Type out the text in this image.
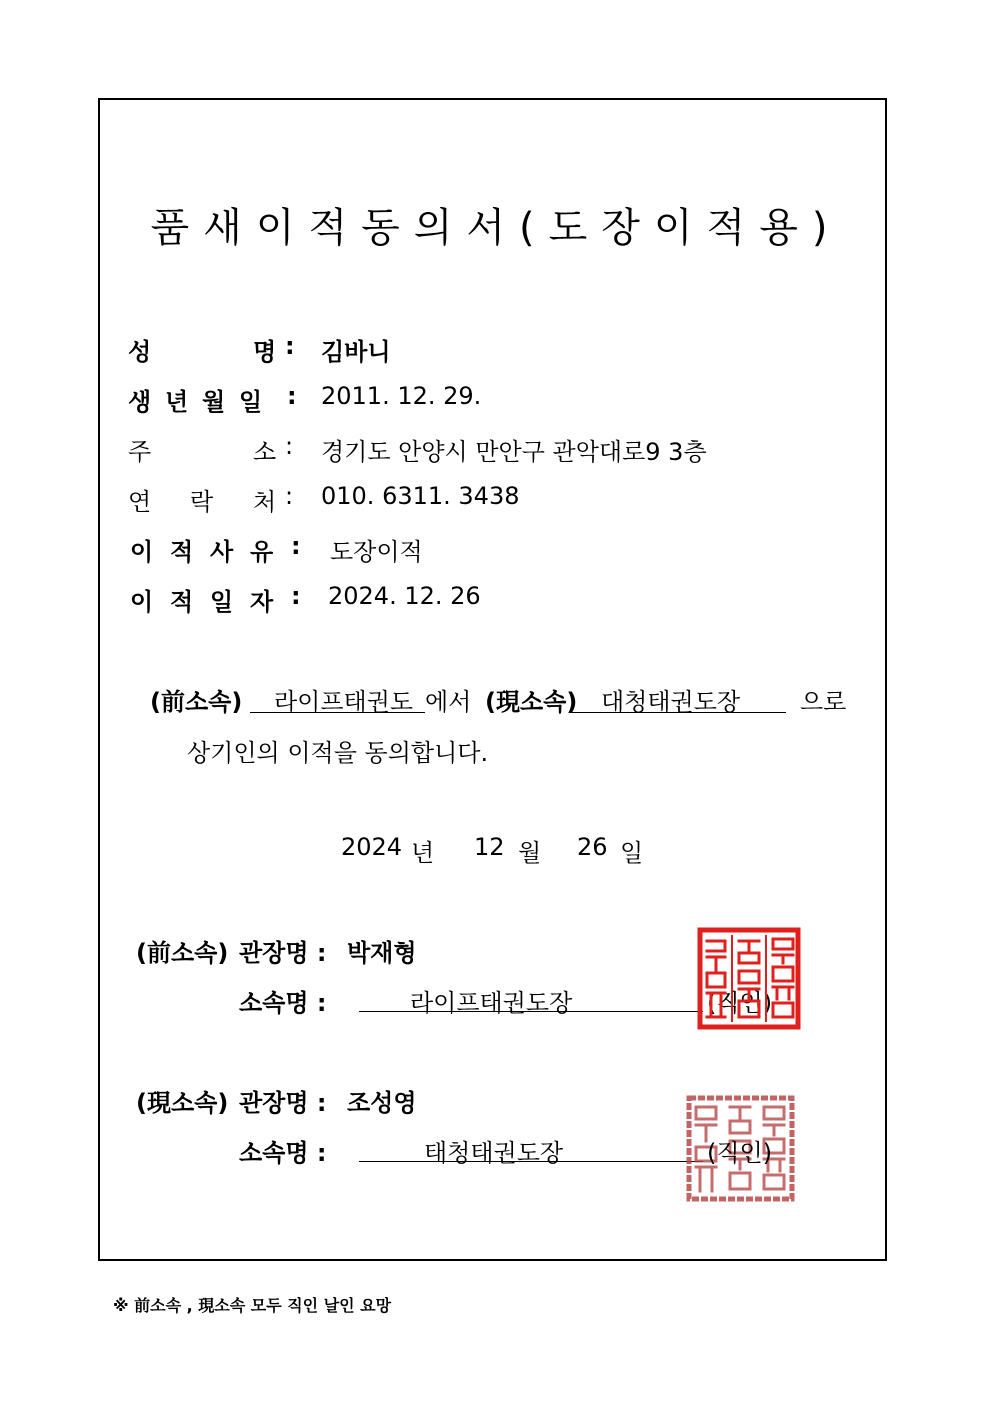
품새이적동의서(도장이적용)
성	명 : 김바니
생 년 월 일 : 2011. 12. 29.
주	소 : 경기도 안양시 만안구 관악대로9 3층
연 락 처 : 010. 6311. 3438
이 적 사 유 : 도장이적
이 적 일 자 : 2024. 12. 26
(前소속) 라이프태권도 에서 (現소속) 대청태권도장 으로
상기인의 이적을 동의합니다.
2024 년 12 월 26 일
(前소속) 관장명 : 박재형
소속명 :	라이프태권도장	(직인)
(現소속) 관장명 : 조성영
소속명 :	태청태권도장	(직인)
※ 前소속 , 現소속 모두 직인 날인 요망
